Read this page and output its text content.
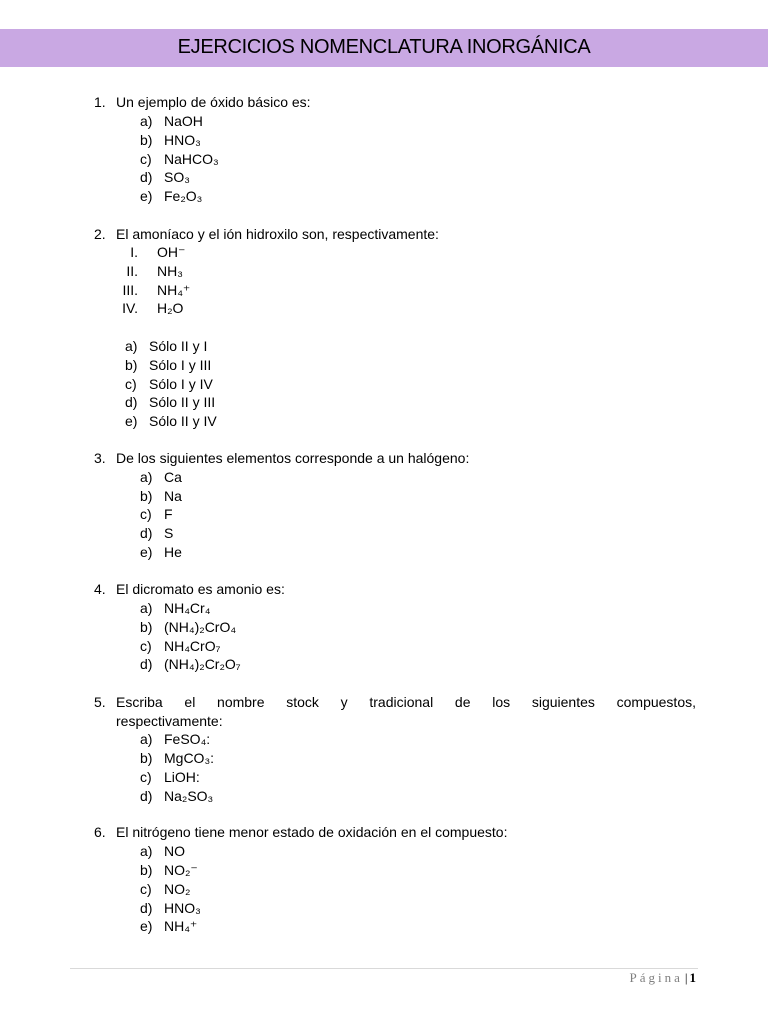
EJERCICIOS NOMENCLATURA INORGÁNICA
1. Un ejemplo de óxido básico es:
a) NaOH
b) HNO₃
c) NaHCO₃
d) SO₃
e) Fe₂O₃
2. El amoníaco y el ión hidroxilo son, respectivamente:
I. OH⁻
II. NH₃
III. NH₄⁺
IV. H₂O
a) Sólo II y I
b) Sólo I y III
c) Sólo I y IV
d) Sólo II y III
e) Sólo II y IV
3. De los siguientes elementos corresponde a un halógeno:
a) Ca
b) Na
c) F
d) S
e) He
4. El dicromato es amonio es:
a) NH₄Cr₄
b) (NH₄)₂CrO₄
c) NH₄CrO₇
d) (NH₄)₂Cr₂O₇
5. Escriba el nombre stock y tradicional de los siguientes compuestos,
respectivamente:
a) FeSO₄:
b) MgCO₃:
c) LiOH:
d) Na₂SO₃
6. El nitrógeno tiene menor estado de oxidación en el compuesto:
a) NO
b) NO₂⁻
c) NO₂
d) HNO₃
e) NH₄⁺
Página | 1
